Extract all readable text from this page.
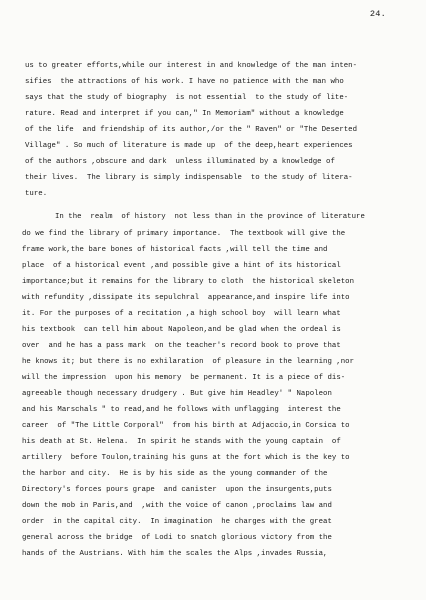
24.
us to greater efforts,while our interest in and knowledge of the man inten-
sifies  the attractions of his work. I have no patience with the man who
says that the study of biography  is not essential  to the study of lite-
rature. Read and interpret if you can," In Memoriam" without a knowledge
of the life  and friendship of its author,/or the " Raven" or "The Deserted
Village" . So much of literature is made up  of the deep,heart experiences
of the authors ,obscure and dark  unless illuminated by a knowledge of
their lives.  The library is simply indispensable  to the study of litera-
ture.
In the  realm  of history  not less than in the province of literature
do we find the library of primary importance.  The textbook will give the
frame work,the bare bones of historical facts ,will tell the time and
place  of a historical event ,and possible give a hint of its historical
importance;but it remains for the library to cloth  the historical skeleton
with refundity ,dissipate its sepulchral  appearance,and inspire life into
it. For the purposes of a recitation ,a high school boy  will learn what
his textbook  can tell him about Napoleon,and be glad when the ordeal is
over  and he has a pass mark  on the teacher's record book to prove that
he knows it; but there is no exhilaration  of pleasure in the learning ,nor
will the impression  upon his memory  be permanent. It is a piece of dis-
agreeable though necessary drudgery . But give him Headley' " Napoleon
and his Marschals " to read,and he follows with unflagging  interest the
career  of "The Little Corporal"  from his birth at Adjaccio,in Corsica to
his death at St. Helena.  In spirit he stands with the young captain  of
artillery  before Toulon,training his guns at the fort which is the key to
the harbor and city.  He is by his side as the young commander of the
Directory's forces pours grape  and canister  upon the insurgents,puts
down the mob in Paris,and  ,with the voice of canon ,proclaims law and
order  in the capital city.  In imagination  he charges with the great
general across the bridge  of Lodi to snatch glorious victory from the
hands of the Austrians. With him the scales the Alps ,invades Russia,
